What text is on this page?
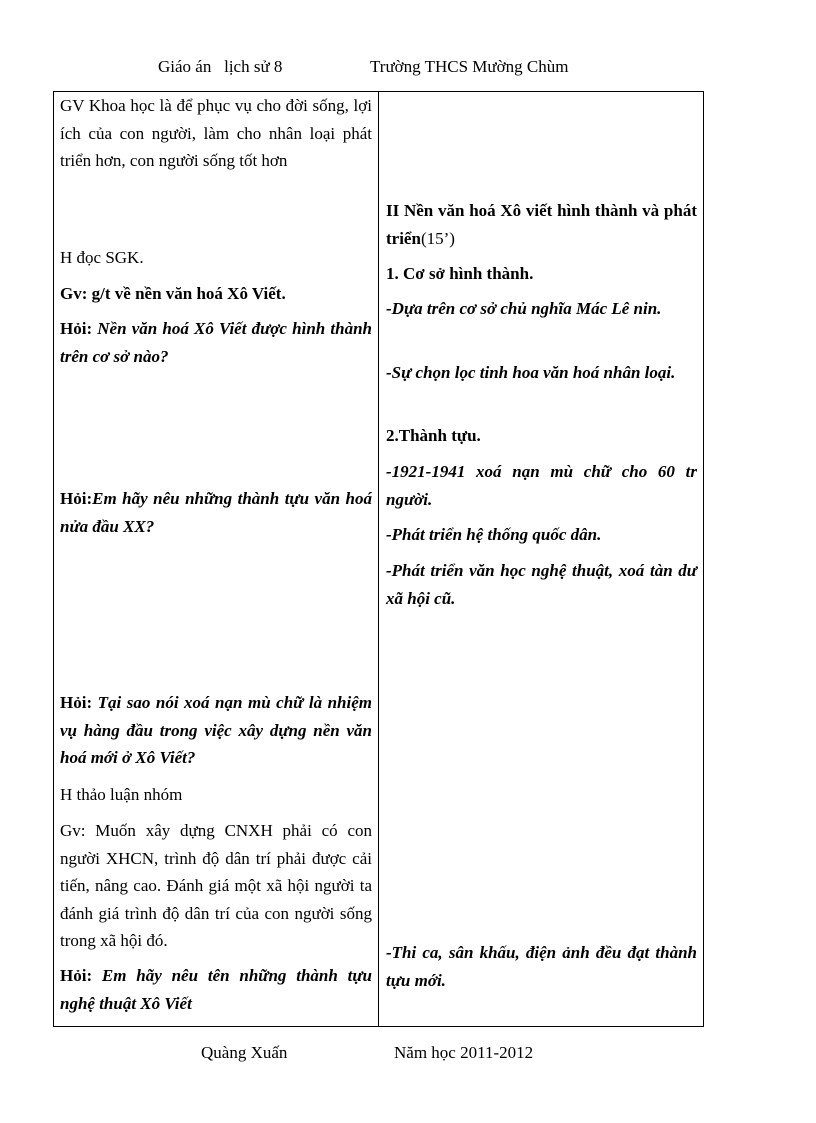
Giáo án   lịch sử 8	Trường THCS Mường Chùm
GV Khoa học là để phục vụ cho đời sống, lợi ích của con người, làm cho nhân loại phát triển hơn, con người sống tốt hơn
H đọc SGK.
Gv: g/t về nền văn hoá Xô Viết.
Hỏi: Nền văn hoá Xô Viết được hình thành trên cơ sở nào?
Hỏi:Em hãy nêu những thành tựu văn hoá nửa đầu XX?
Hỏi: Tại sao nói xoá nạn mù chữ là nhiệm vụ hàng đầu trong việc xây dựng nền văn hoá mới ở Xô Viết?
H thảo luận nhóm
Gv: Muốn xây dựng CNXH phải có con người XHCN, trình độ dân trí phải được cải tiến, nâng cao. Đánh giá một xã hội người ta đánh giá trình độ dân trí của con người sống trong xã hội đó.
Hỏi: Em hãy nêu tên những thành tựu nghệ thuật Xô Viết
II Nền văn hoá Xô viết hình thành và phát triển(15’)
1. Cơ sở hình thành.
-Dựa trên cơ sở chủ nghĩa Mác Lê nin.
-Sự chọn lọc tinh hoa văn hoá nhân loại.
2.Thành tựu.
-1921-1941 xoá nạn mù chữ cho 60 tr người.
-Phát triển hệ thống quốc dân.
-Phát triển văn học nghệ thuật, xoá tàn dư xã hội cũ.
-Thi ca, sân khấu, điện ảnh đều đạt thành tựu mới.
Quàng Xuấn	Năm học 2011-2012
